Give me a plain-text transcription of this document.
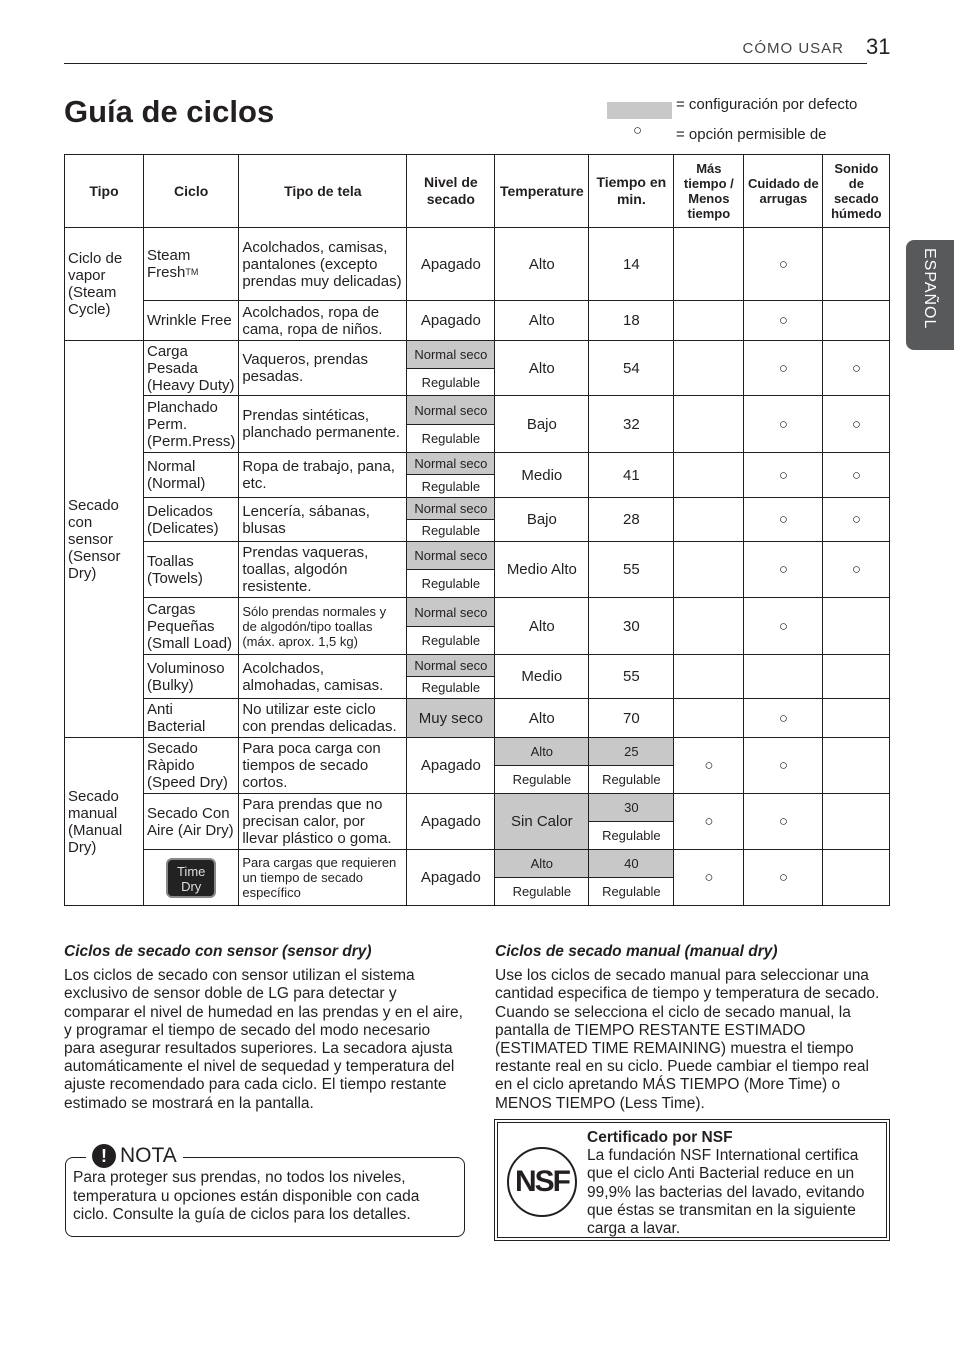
CÓMO USAR 31
Guía de ciclos	= configuración por defecto
○ = opción permisible de
ESPAÑOL
Tipo	Ciclo	Tipo de tela	Nivel de secado	Temperature	Tiempo en min.	Más tiempo / Menos tiempo	Cuidado de arrugas	Sonido de secado húmedo
Ciclo de vapor (Steam Cycle)	Steam Fresh™	Acolchados, camisas, pantalones (excepto prendas muy delicadas)	Apagado	Alto	14		○	

	Wrinkle Free	Acolchados, ropa de cama, ropa de niños.	Apagado	Alto	18		○	

Secado con sensor (Sensor Dry)	Carga Pesada (Heavy Duty)	Vaqueros, prendas pesadas.	Normal seco	Alto	54		○	○
			Regulable					
	Planchado Perm. (Perm.Press)	Prendas sintéticas, planchado permanente.	Normal seco	Bajo	32		○	○
			Regulable					
	Normal (Normal)	Ropa de trabajo, pana, etc.	Normal seco	Medio	41		○	○
			Regulable					
	Delicados (Delicates)	Lencería, sábanas, blusas	Normal seco	Bajo	28		○	○
			Regulable					
	Toallas (Towels)	Prendas vaqueras, toallas, algodón resistente.	Normal seco	Medio Alto	55		○	○
			Regulable					
	Cargas Pequeñas (Small Load)	Sólo prendas normales y de algodón/tipo toallas (máx. aprox. 1,5 kg)	Normal seco	Alto	30		○	
			Regulable					
	Voluminoso (Bulky)	Acolchados, almohadas, camisas.	Normal seco	Medio	55			
			Regulable					
	Anti Bacterial	No utilizar este ciclo con prendas delicadas.	Muy seco	Alto	70		○	

Secado manual (Manual Dry)	Secado Ràpido (Speed Dry)	Para poca carga con tiempos de secado cortos.	Apagado	Alto	25	○	○	
				Regulable	Regulable			
	Secado Con Aire (Air Dry)	Para prendas que no precisan calor, por llevar plástico o goma.	Apagado	Sin Calor	30	○	○	
					Regulable			
	Time Dry	Para cargas que requieren un tiempo de secado específico	Apagado	Alto	40	○	○	
				Regulable	Regulable			
Ciclos de secado con sensor (sensor dry)

Los ciclos de secado con sensor utilizan el sistema exclusivo de sensor doble de LG para detectar y comparar el nivel de humedad en las prendas y en el aire, y programar el tiempo de secado del modo necesario para asegurar resultados superiores. La secadora ajusta automáticamente el nivel de sequedad y temperatura del ajuste recomendado para cada ciclo. El tiempo restante estimado se mostrará en la pantalla.

! NOTA

Para proteger sus prendas, no todos los niveles, temperatura u opciones están disponible con cada ciclo. Consulte la guía de ciclos para los detalles.

Ciclos de secado manual (manual dry)

Use los ciclos de secado manual para seleccionar una cantidad especifica de tiempo y temperatura de secado. Cuando se selecciona el ciclo de secado manual, la pantalla de TIEMPO RESTANTE ESTIMADO (ESTIMATED TIME REMAINING) muestra el tiempo restante real en su ciclo. Puede cambiar el tiempo real en el ciclo apretando MÁS TIEMPO (More Time) o MENOS TIEMPO (Less Time).

NSF
Certificado por NSF
La fundación NSF International certifica que el ciclo Anti Bacterial reduce en un 99,9% las bacterias del lavado, evitando que éstas se transmitan en la siguiente carga a lavar.
